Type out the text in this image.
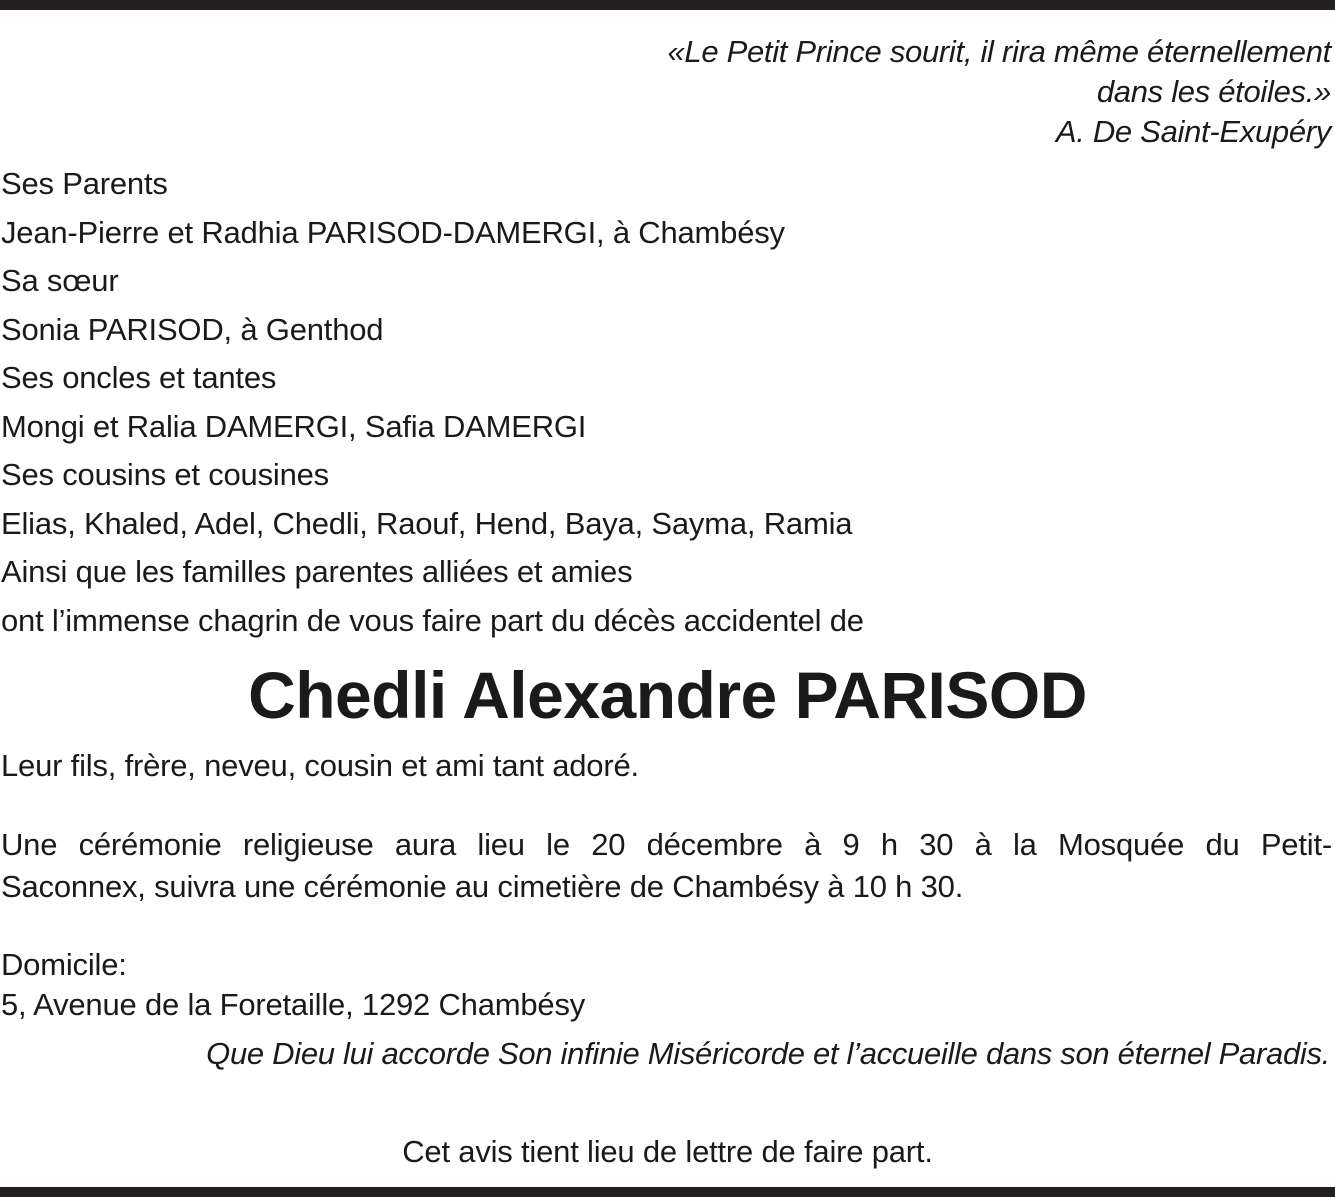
«Le Petit Prince sourit, il rira même éternellement
dans les étoiles.»
A. De Saint-Exupéry
Ses Parents
Jean-Pierre et Radhia PARISOD-DAMERGI, à Chambésy
Sa sœur
Sonia PARISOD, à Genthod
Ses oncles et tantes
Mongi et Ralia DAMERGI, Safia DAMERGI
Ses cousins et cousines
Elias, Khaled, Adel, Chedli, Raouf, Hend, Baya, Sayma, Ramia
Ainsi que les familles parentes alliées et amies
ont l’immense chagrin de vous faire part du décès accidentel de
Chedli Alexandre PARISOD
Leur fils, frère, neveu, cousin et ami tant adoré.
Une cérémonie religieuse aura lieu le 20 décembre à 9 h 30 à la Mosquée du Petit-
Saconnex, suivra une cérémonie au cimetière de Chambésy à 10 h 30.
Domicile:
5, Avenue de la Foretaille, 1292 Chambésy
Que Dieu lui accorde Son infinie Miséricorde et l’accueille dans son éternel Paradis.
Cet avis tient lieu de lettre de faire part.
